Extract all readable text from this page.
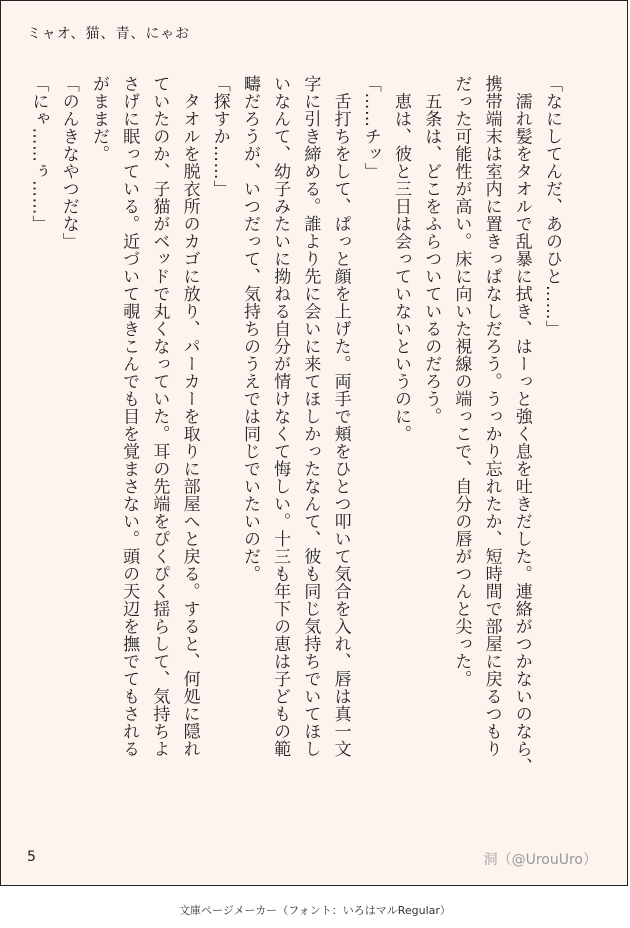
ミャオ、猫、青、にゃお

「なにしてんだ、あのひと……」

　濡れ髪をタオルで乱暴に拭き、はーっと強く息を吐きだした。連絡がつかないのなら、

携帯端末は室内に置きっぱなしだろう。うっかり忘れたか、短時間で部屋に戻るつもり

だった可能性が高い。床に向いた視線の端っこで、自分の唇がつんと尖った。

　五条は、どこをふらついているのだろう。

　恵は、彼と三日は会っていないというのに。

「……チッ」

　舌打ちをして、ぱっと顔を上げた。両手で頬をひとつ叩いて気合を入れ、唇は真一文

字に引き締める。誰より先に会いに来てほしかったなんて、彼も同じ気持ちでいてほし

いなんて、幼子みたいに拗ねる自分が情けなくて悔しい。十三も年下の恵は子どもの範

疇だろうが、いつだって、気持ちのうえでは同じでいたいのだ。

「探すか……」

　タオルを脱衣所のカゴに放り、パーカーを取りに部屋へと戻る。すると、何処に隠れ

ていたのか、子猫がベッドで丸くなっていた。耳の先端をぴくぴく揺らして、気持ちよ

さげに眠っている。近づいて覗きこんでも目を覚まさない。頭の天辺を撫でてもされる

がままだ。

「のんきなやつだな」

「にゃ……ぅ……」

5	洞（@UrouUro）
文庫ページメーカー（フォント：いろはマルRegular）
